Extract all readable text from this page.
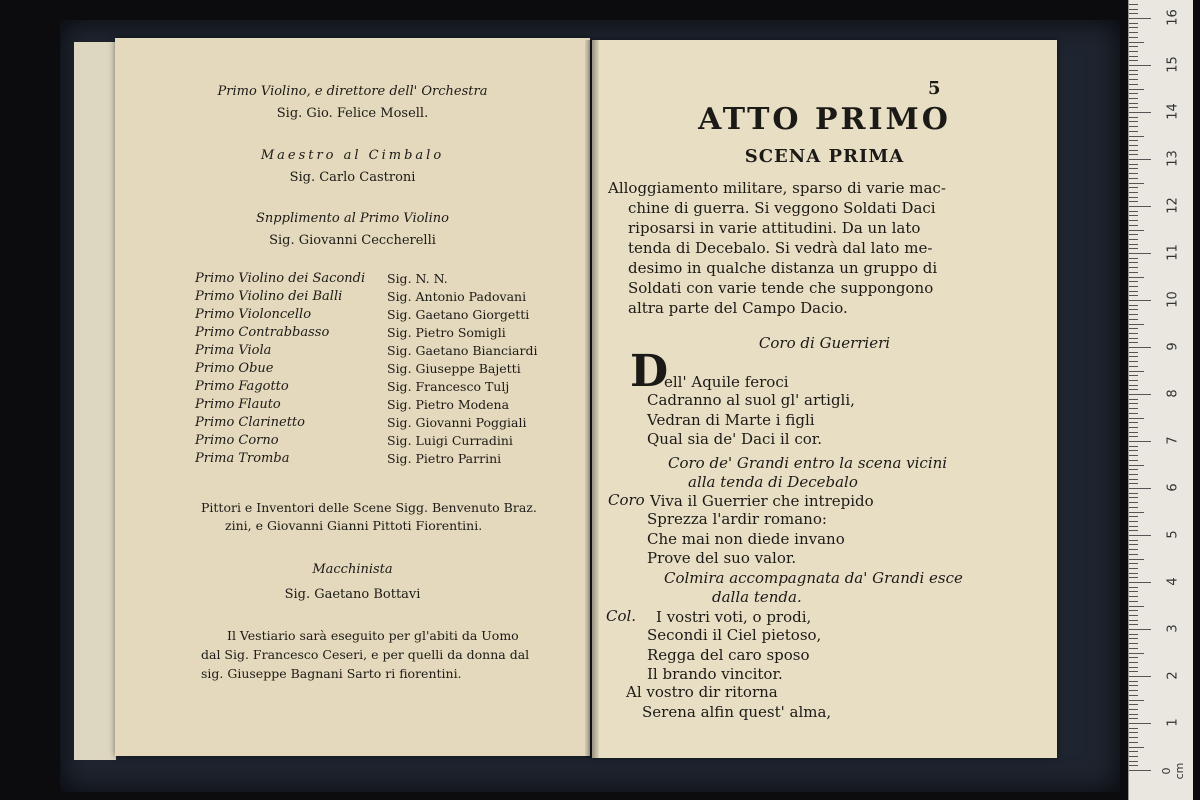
Primo Violino, e direttore dell' Orchestra
Sig. Gio. Felice Mosell.
Maestro al Cimbalo
Sig. Carlo Castroni
Snpplimento al Primo Violino
Sig. Giovanni Ceccherelli
Primo Violino dei Sacondi
Primo Violino dei Balli
Primo Violoncello
Primo Contrabbasso
Prima Viola
Primo Obue
Primo Fagotto
Primo Flauto
Primo Clarinetto
Primo Corno
Prima Tromba
Sig. N. N.
Sig. Antonio Padovani
Sig. Gaetano Giorgetti
Sig. Pietro Somigli
Sig. Gaetano Bianciardi
Sig. Giuseppe Bajetti
Sig. Francesco Tulj
Sig. Pietro Modena
Sig. Giovanni Poggiali
Sig. Luigi Curradini
Sig. Pietro Parrini
Pittori e Inventori delle Scene Sigg. Benvenuto Braz.
zini, e Giovanni Gianni Pittoti Fiorentini.
Macchinista
Sig. Gaetano Bottavi
Il Vestiario sarà eseguito per gl'abiti da Uomo
dal Sig. Francesco Ceseri, e per quelli da donna dal
sig. Giuseppe Bagnani Sarto ri fiorentini.
5
ATTO PRIMO
SCENA PRIMA
Alloggiamento militare, sparso di varie mac-
chine di guerra. Si veggono Soldati Daci
riposarsi in varie attitudini. Da un lato
tenda di Decebalo. Si vedrà dal lato me-
desimo in qualche distanza un gruppo di
Soldati con varie tende che suppongono
altra parte del Campo Dacio.
Coro di Guerrieri
D
ell' Aquile feroci
Cadranno al suol gl' artigli,
Vedran di Marte i figli
Qual sia de' Daci il cor.
Coro de' Grandi entro la scena vicini
alla tenda di Decebalo
Coro Viva il Guerrier che intrepido
Sprezza l'ardir romano:
Che mai non diede invano
Prove del suo valor.
Colmira accompagnata da' Grandi esce
dalla tenda.
Col. I vostri voti, o prodi,
Secondi il Ciel pietoso,
Regga del caro sposo
Il brando vincitor.
Al vostro dir ritorna
Serena alfin quest' alma,
0 cm
1
2
3
4
5
6
7
8
9
10
11
12
13
14
15
16
